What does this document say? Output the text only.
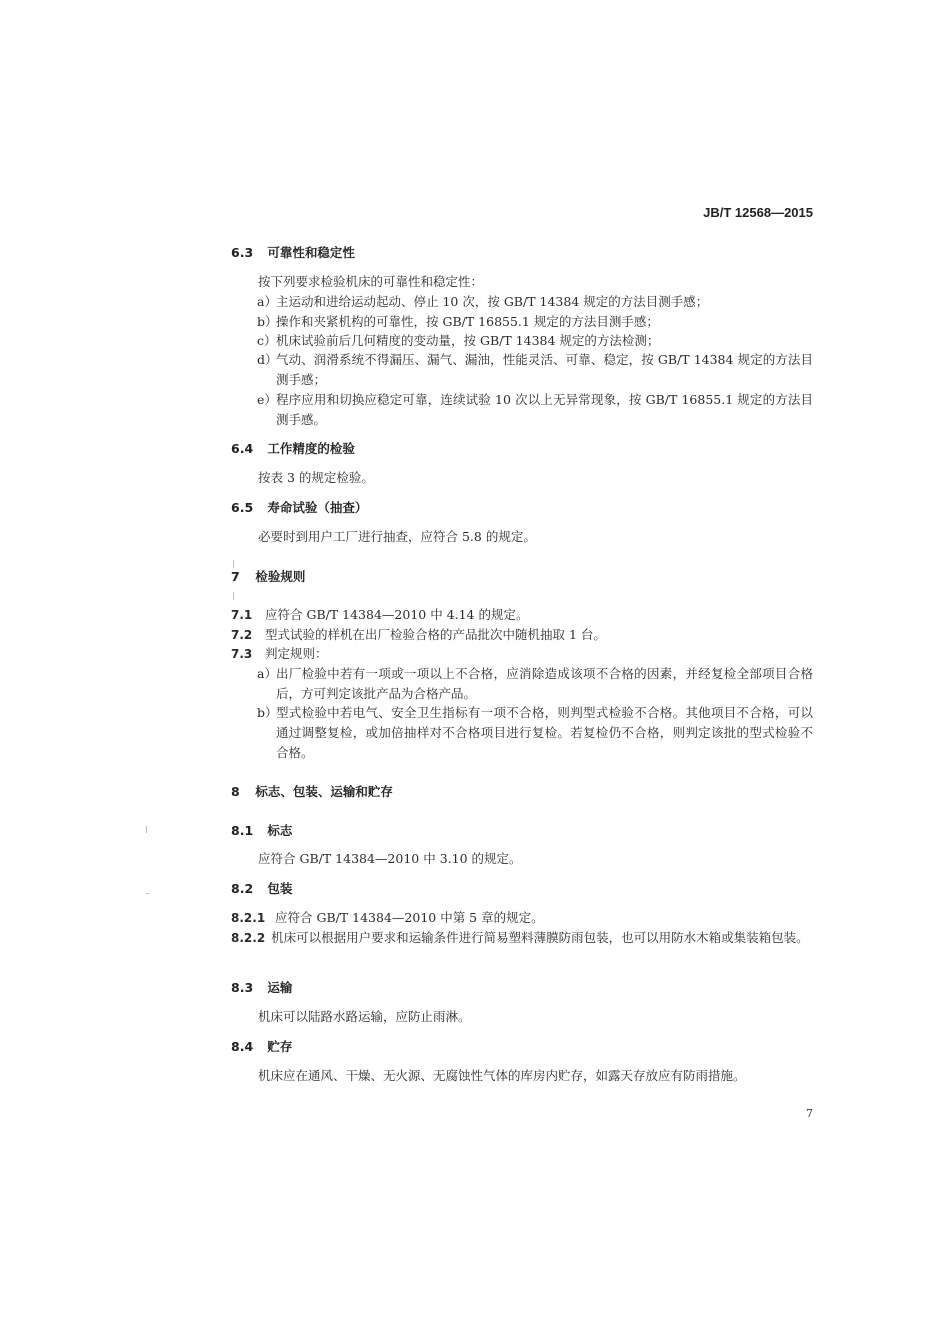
JB/T 12568—2015
6.3 可靠性和稳定性
按下列要求检验机床的可靠性和稳定性：
a） 主运动和进给运动起动、停止 10 次，按 GB/T 14384 规定的方法目测手感；
b）
操作和夹紧机构的可靠性，按 GB/T 16855.1 规定的方法目测手感；
c） 机床试验前后几何精度的变动量，按 GB/T 14384 规定的方法检测；
d）
气动、润滑系统不得漏压、漏气、漏油，性能灵活、可靠、稳定，按 GB/T 14384 规定的方法目测手感；
e） 程序应用和切换应稳定可靠，连续试验 10 次以上无异常现象，按 GB/T 16855.1 规定的方法目测手感。
6.4 工作精度的检验
按表 3 的规定检验。
6.5 寿命试验（抽查）
必要时到用户工厂进行抽查，应符合 5.8 的规定。
7 检验规则
7.1 应符合 GB/T 14384—2010 中 4.14 的规定。
7.2 型式试验的样机在出厂检验合格的产品批次中随机抽取 1 台。
7.3 判定规则：
a） 出厂检验中若有一项或一项以上不合格，应消除造成该项不合格的因素，并经复检全部项目合格后，方可判定该批产品为合格产品。
b）
型式检验中若电气、安全卫生指标有一项不合格，则判型式检验不合格。其他项目不合格，可以通过调整复检，或加倍抽样对不合格项目进行复检。若复检仍不合格，则判定该批的型式检验不合格。
8 标志、包装、运输和贮存
8.1 标志
应符合 GB/T 14384—2010 中 3.10 的规定。
8.2 包装
8.2.1 应符合 GB/T 14384—2010 中第 5 章的规定。
8.2.2 机床可以根据用户要求和运输条件进行简易塑料薄膜防雨包装，也可以用防水木箱或集装箱包装。
8.3 运输
机床可以陆路水路运输，应防止雨淋。
8.4 贮存
机床应在通风、干燥、无火源、无腐蚀性气体的库房内贮存，如露天存放应有防雨措施。
7
